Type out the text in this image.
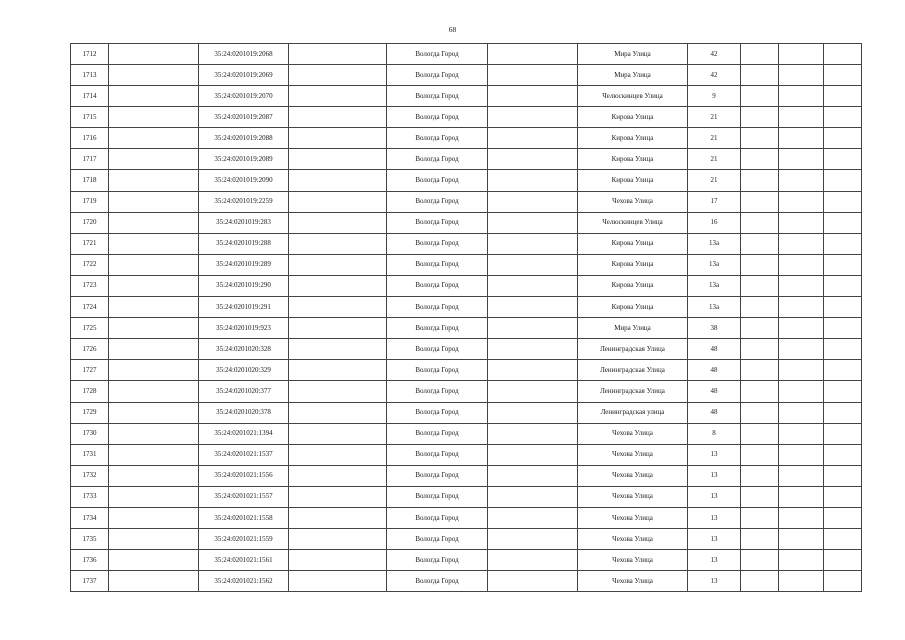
68
1712		35:24:0201019:2068		Вологда Город		Мира Улица	42			
1713		35:24:0201019:2069		Вологда Город		Мира Улица	42			
1714		35:24:0201019:2070		Вологда Город		Челюскинцев Улица	9			
1715		35:24:0201019:2087		Вологда Город		Кирова Улица	21			
1716		35:24:0201019:2088		Вологда Город		Кирова Улица	21			
1717		35:24:0201019:2089		Вологда Город		Кирова Улица	21			
1718		35:24:0201019:2090		Вологда Город		Кирова Улица	21			
1719		35:24:0201019:2259		Вологда Город		Чехова Улица	17			
1720		35:24:0201019:283		Вологда Город		Челюскинцев Улица	16			
1721		35:24:0201019:288		Вологда Город		Кирова Улица	13а			
1722		35:24:0201019:289		Вологда Город		Кирова Улица	13а			
1723		35:24:0201019:290		Вологда Город		Кирова Улица	13а			
1724		35:24:0201019:291		Вологда Город		Кирова Улица	13а			
1725		35:24:0201019:923		Вологда Город		Мира Улица	38			
1726		35:24:0201020:328		Вологда Город		Ленинградская Улица	48			
1727		35:24:0201020:329		Вологда Город		Ленинградская Улица	48			
1728		35:24:0201020:377		Вологда Город		Ленинградская Улица	48			
1729		35:24:0201020:378		Вологда Город		Ленинградская улица	48			
1730		35:24:0201021:1394		Вологда Город		Чехова Улица	8			
1731		35:24:0201021:1537		Вологда Город		Чехова Улица	13			
1732		35:24:0201021:1556		Вологда Город		Чехова Улица	13			
1733		35:24:0201021:1557		Вологда Город		Чехова Улица	13			
1734		35:24:0201021:1558		Вологда Город		Чехова Улица	13			
1735		35:24:0201021:1559		Вологда Город		Чехова Улица	13			
1736		35:24:0201021:1561		Вологда Город		Чехова Улица	13			
1737		35:24:0201021:1562		Вологда Город		Чехова Улица	13			
